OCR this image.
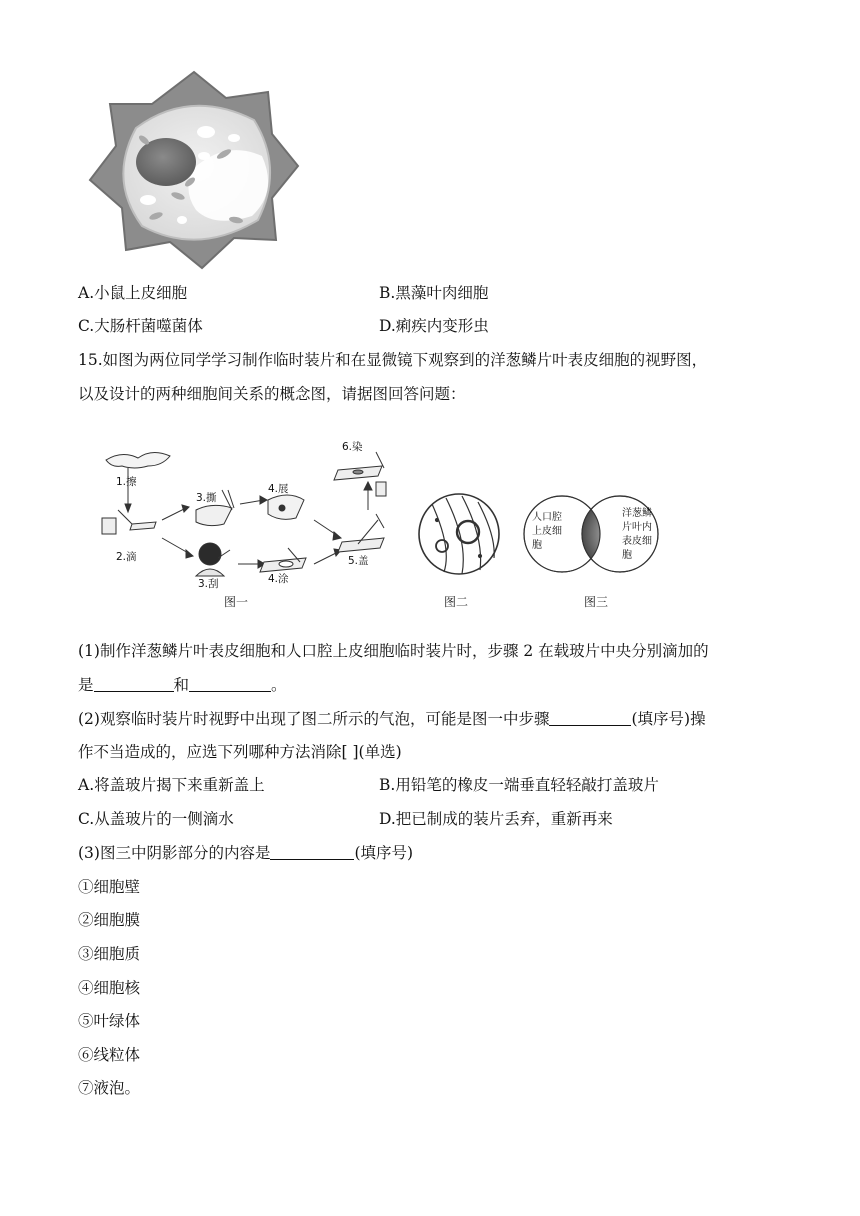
A.小鼠上皮细胞	B.黑藻叶肉细胞
C.大肠杆菌噬菌体	D.痢疾内变形虫
15.如图为两位同学学习制作临时装片和在显微镜下观察到的洋葱鳞片叶表皮细胞的视野图，
以及设计的两种细胞间关系的概念图，请据图回答问题：
1.擦
2.滴
3.撕
3.刮
4.展
4.涂
5.盖
6.染
图一	图二
人口腔
上皮细
胞
洋葱鳞
片叶内
表皮细
胞
图三
(1)制作洋葱鳞片叶表皮细胞和人口腔上皮细胞临时装片时，步骤 2 在载玻片中央分别滴加的
是	和	。
(2)观察临时装片时视野中出现了图二所示的气泡，可能是图一中步骤	(填序号)操
作不当造成的，应选下列哪种方法消除[ ](单选)
A.将盖玻片揭下来重新盖上	B.用铅笔的橡皮一端垂直轻轻敲打盖玻片
C.从盖玻片的一侧滴水	D.把已制成的装片丢弃，重新再来
(3)图三中阴影部分的内容是	(填序号)
①细胞壁
②细胞膜
③细胞质
④细胞核
⑤叶绿体
⑥线粒体
⑦液泡。
